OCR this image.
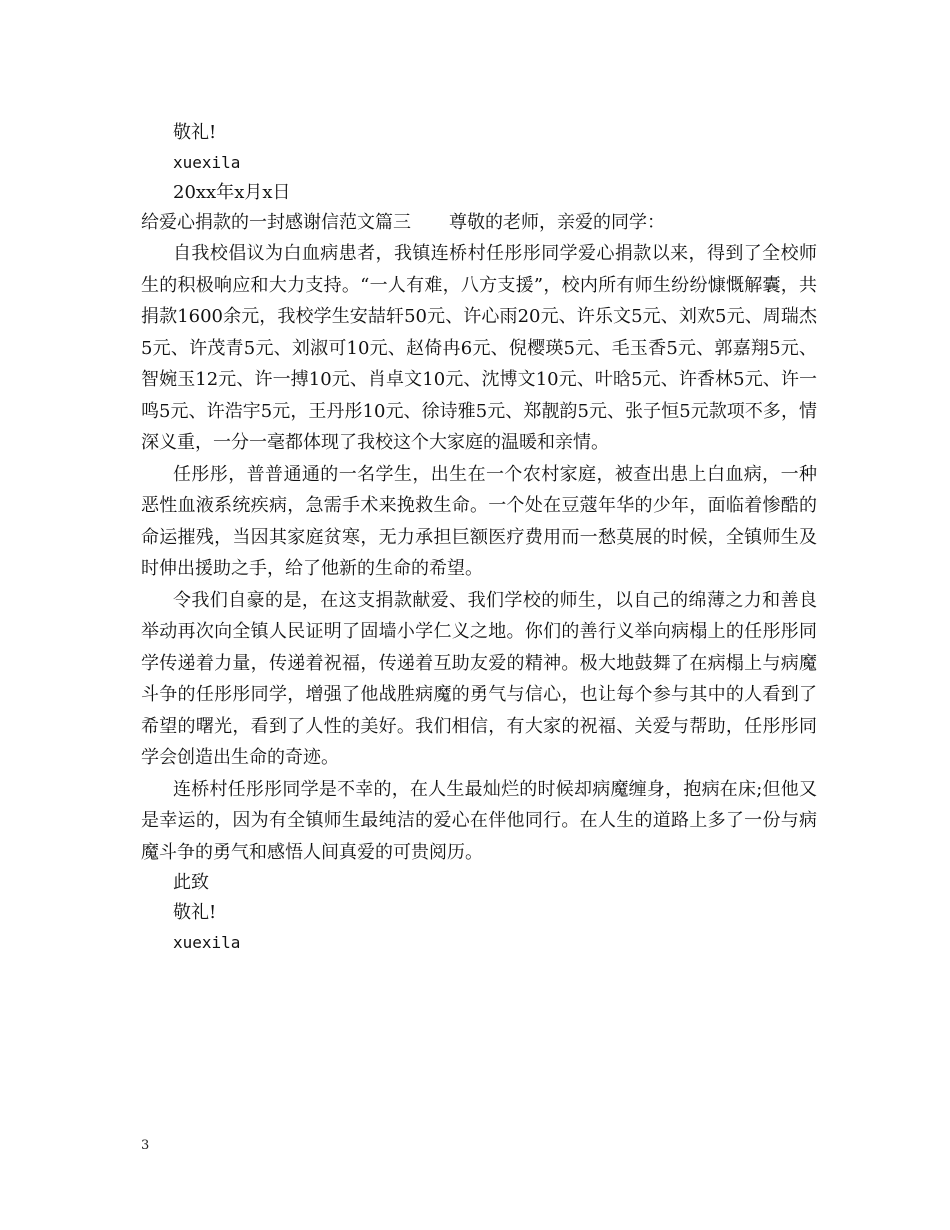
敬礼!
xuexila
20xx年x月x日
给爱心捐款的一封感谢信范文篇三 尊敬的老师，亲爱的同学：

自我校倡议为白血病患者，我镇连桥村任彤彤同学爱心捐款以来，得到了全校师生的积极响应和大力支持。“一人有难，八方支援”，校内所有师生纷纷慷慨解囊，共捐款1600余元，我校学生安喆轩50元、许心雨20元、许乐文5元、刘欢5元、周瑞杰5元、许茂青5元、刘淑可10元、赵倚冉6元、倪樱瑛5元、毛玉香5元、郭嘉翔5元、智婉玉12元、许一搏10元、肖卓文10元、沈博文10元、叶晗5元、许香林5元、许一鸣5元、许浩宇5元，王丹彤10元、徐诗雅5元、郑靓韵5元、张子恒5元款项不多，情深义重，一分一毫都体现了我校这个大家庭的温暖和亲情。

任彤彤，普普通通的一名学生，出生在一个农村家庭，被查出患上白血病，一种恶性血液系统疾病，急需手术来挽救生命。一个处在豆蔻年华的少年，面临着惨酷的命运摧残，当因其家庭贫寒，无力承担巨额医疗费用而一愁莫展的时候，全镇师生及时伸出援助之手，给了他新的生命的希望。

令我们自豪的是，在这支捐款献爱、我们学校的师生，以自己的绵薄之力和善良举动再次向全镇人民证明了固墙小学仁义之地。你们的善行义举向病榻上的任彤彤同学传递着力量，传递着祝福，传递着互助友爱的精神。极大地鼓舞了在病榻上与病魔斗争的任彤彤同学，增强了他战胜病魔的勇气与信心，也让每个参与其中的人看到了希望的曙光，看到了人性的美好。我们相信，有大家的祝福、关爱与帮助，任彤彤同学会创造出生命的奇迹。

连桥村任彤彤同学是不幸的，在人生最灿烂的时候却病魔缠身，抱病在床;但他又是幸运的，因为有全镇师生最纯洁的爱心在伴他同行。在人生的道路上多了一份与病魔斗争的勇气和感悟人间真爱的可贵阅历。

此致
敬礼!
xuexila
3
